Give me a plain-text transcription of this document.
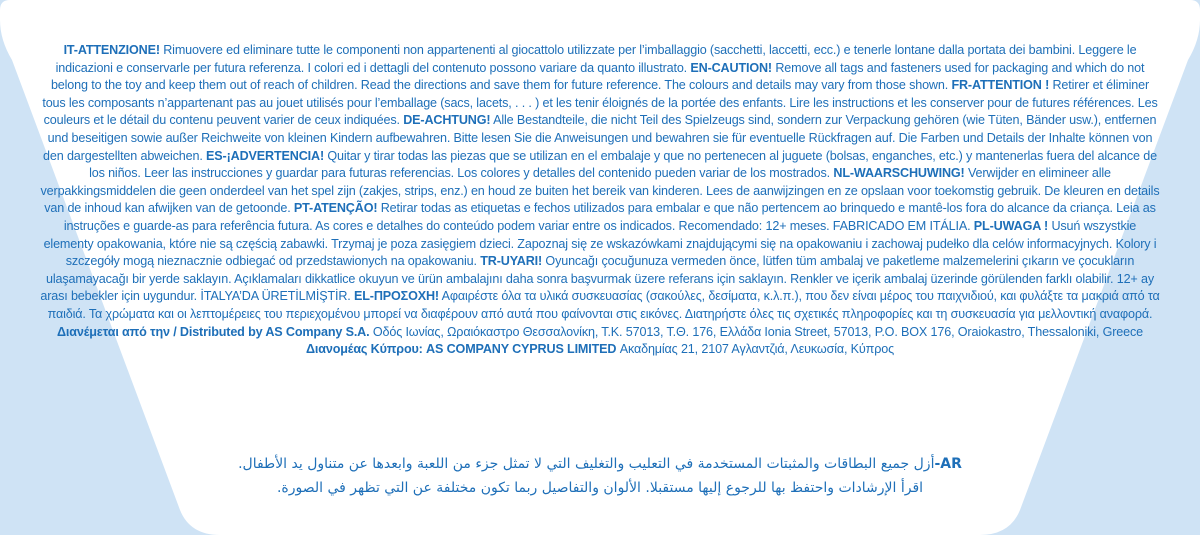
IT-ATTENZIONE! Rimuovere ed eliminare tutte le componenti non appartenenti al giocattolo utilizzate per l’imballaggio (sacchetti, laccetti, ecc.) e tenerle lontane dalla portata dei bambini. Leggere le indicazioni e conservarle per futura referenza. I colori ed i dettagli del contenuto possono variare da quanto illustrato. EN-CAUTION! Remove all tags and fasteners used for packaging and which do not belong to the toy and keep them out of reach of children. Read the directions and save them for future reference. The colours and details may vary from those shown. FR-ATTENTION ! Retirer et éliminer tous les composants n’appartenant pas au jouet utilisés pour l’emballage (sacs, lacets, . . . ) et les tenir éloignés de la portée des enfants. Lire les instructions et les conserver pour de futures références. Les couleurs et le détail du contenu peuvent varier de ceux indiquées. DE-ACHTUNG! Alle Bestandteile, die nicht Teil des Spielzeugs sind, sondern zur Verpackung gehören (wie Tüten, Bänder usw.), entfernen und beseitigen sowie außer Reichweite von kleinen Kindern aufbewahren. Bitte lesen Sie die Anweisungen und bewahren sie für eventuelle Rückfragen auf. Die Farben und Details der Inhalte können von den dargestellten abweichen. ES-¡ADVERTENCIA! Quitar y tirar todas las piezas que se utilizan en el embalaje y que no pertenecen al juguete (bolsas, enganches, etc.) y mantenerlas fuera del alcance de los niños. Leer las instrucciones y guardar para futuras referencias. Los colores y detalles del contenido pueden variar de los mostrados. NL-WAARSCHUWING! Verwijder en elimineer alle verpakkingsmiddelen die geen onderdeel van het spel zijn (zakjes, strips, enz.) en houd ze buiten het bereik van kinderen. Lees de aanwijzingen en ze opslaan voor toekomstig gebruik. De kleuren en details van de inhoud kan afwijken van de getoonde. PT-ATENÇÃO! Retirar todas as etiquetas e fechos utilizados para embalar e que não pertencem ao brinquedo e mantê-los fora do alcance da criança. Leia as instruções e guarde-as para referência futura. As cores e detalhes do conteúdo podem variar entre os indicados. Recomendado: 12+ meses. FABRICADO EM ITÁLIA. PL-UWAGA ! Usuń wszystkie elementy opakowania, które nie są częścią zabawki. Trzymaj je poza zasięgiem dzieci. Zapoznaj się ze wskazówkami znajdującymi się na opakowaniu i zachowaj pudełko dla celów informacyjnych. Kolory i szczegóły mogą nieznacznie odbiegać od przedstawionych na opakowaniu. TR-UYARI! Oyuncağı çocuğunuza vermeden önce, lütfen tüm ambalaj ve paketleme malzemelerini çıkarın ve çocukların ulaşamayacağı bir yerde saklayın. Açıklamaları dikkatlice okuyun ve ürün ambalajını daha sonra başvurmak üzere referans için saklayın. Renkler ve içerik ambalaj üzerinde görülenden farklı olabilir. 12+ ay arası bebekler için uygundur. İTALYA’DA ÜRETİLMİŞTİR. EL-ΠΡΟΣΟΧΗ! Αφαιρέστε όλα τα υλικά συσκευασίας (σακούλες, δεσίματα, κ.λ.π.), που δεν είναι μέρος του παιχνιδιού, και φυλάξτε τα μακριά από τα παιδιά. Τα χρώματα και οι λεπτομέρειες του περιεχομένου μπορεί να διαφέρουν από αυτά που φαίνονται στις εικόνες. Διατηρήστε όλες τις σχετικές πληροφορίες και τη συσκευασία για μελλοντική αναφορά. Διανέμεται από την / Distributed by AS Company S.A. Οδός Ιωνίας, Ωραιόκαστρο Θεσσαλονίκη, Τ.Κ. 57013, Τ.Θ. 176, Ελλάδα Ionia Street, 57013, P.O. BOX 176, Oraiokastro, Thessaloniki, Greece Διανομέας Κύπρου: AS COMPANY CYPRUS LIMITED Ακαδημίας 21, 2107 Αγλαντζιά, Λευκωσία, Κύπρος
AR-أزل جميع البطاقات والمثبتات المستخدمة في التعليب والتغليف التي لا تمثل جزء من اللعبة وابعدها عن متناول يد الأطفال.
اقرأ الإرشادات واحتفظ بها للرجوع إليها مستقبلا. الألوان والتفاصيل ربما تكون مختلفة عن التي تظهر في الصورة.
